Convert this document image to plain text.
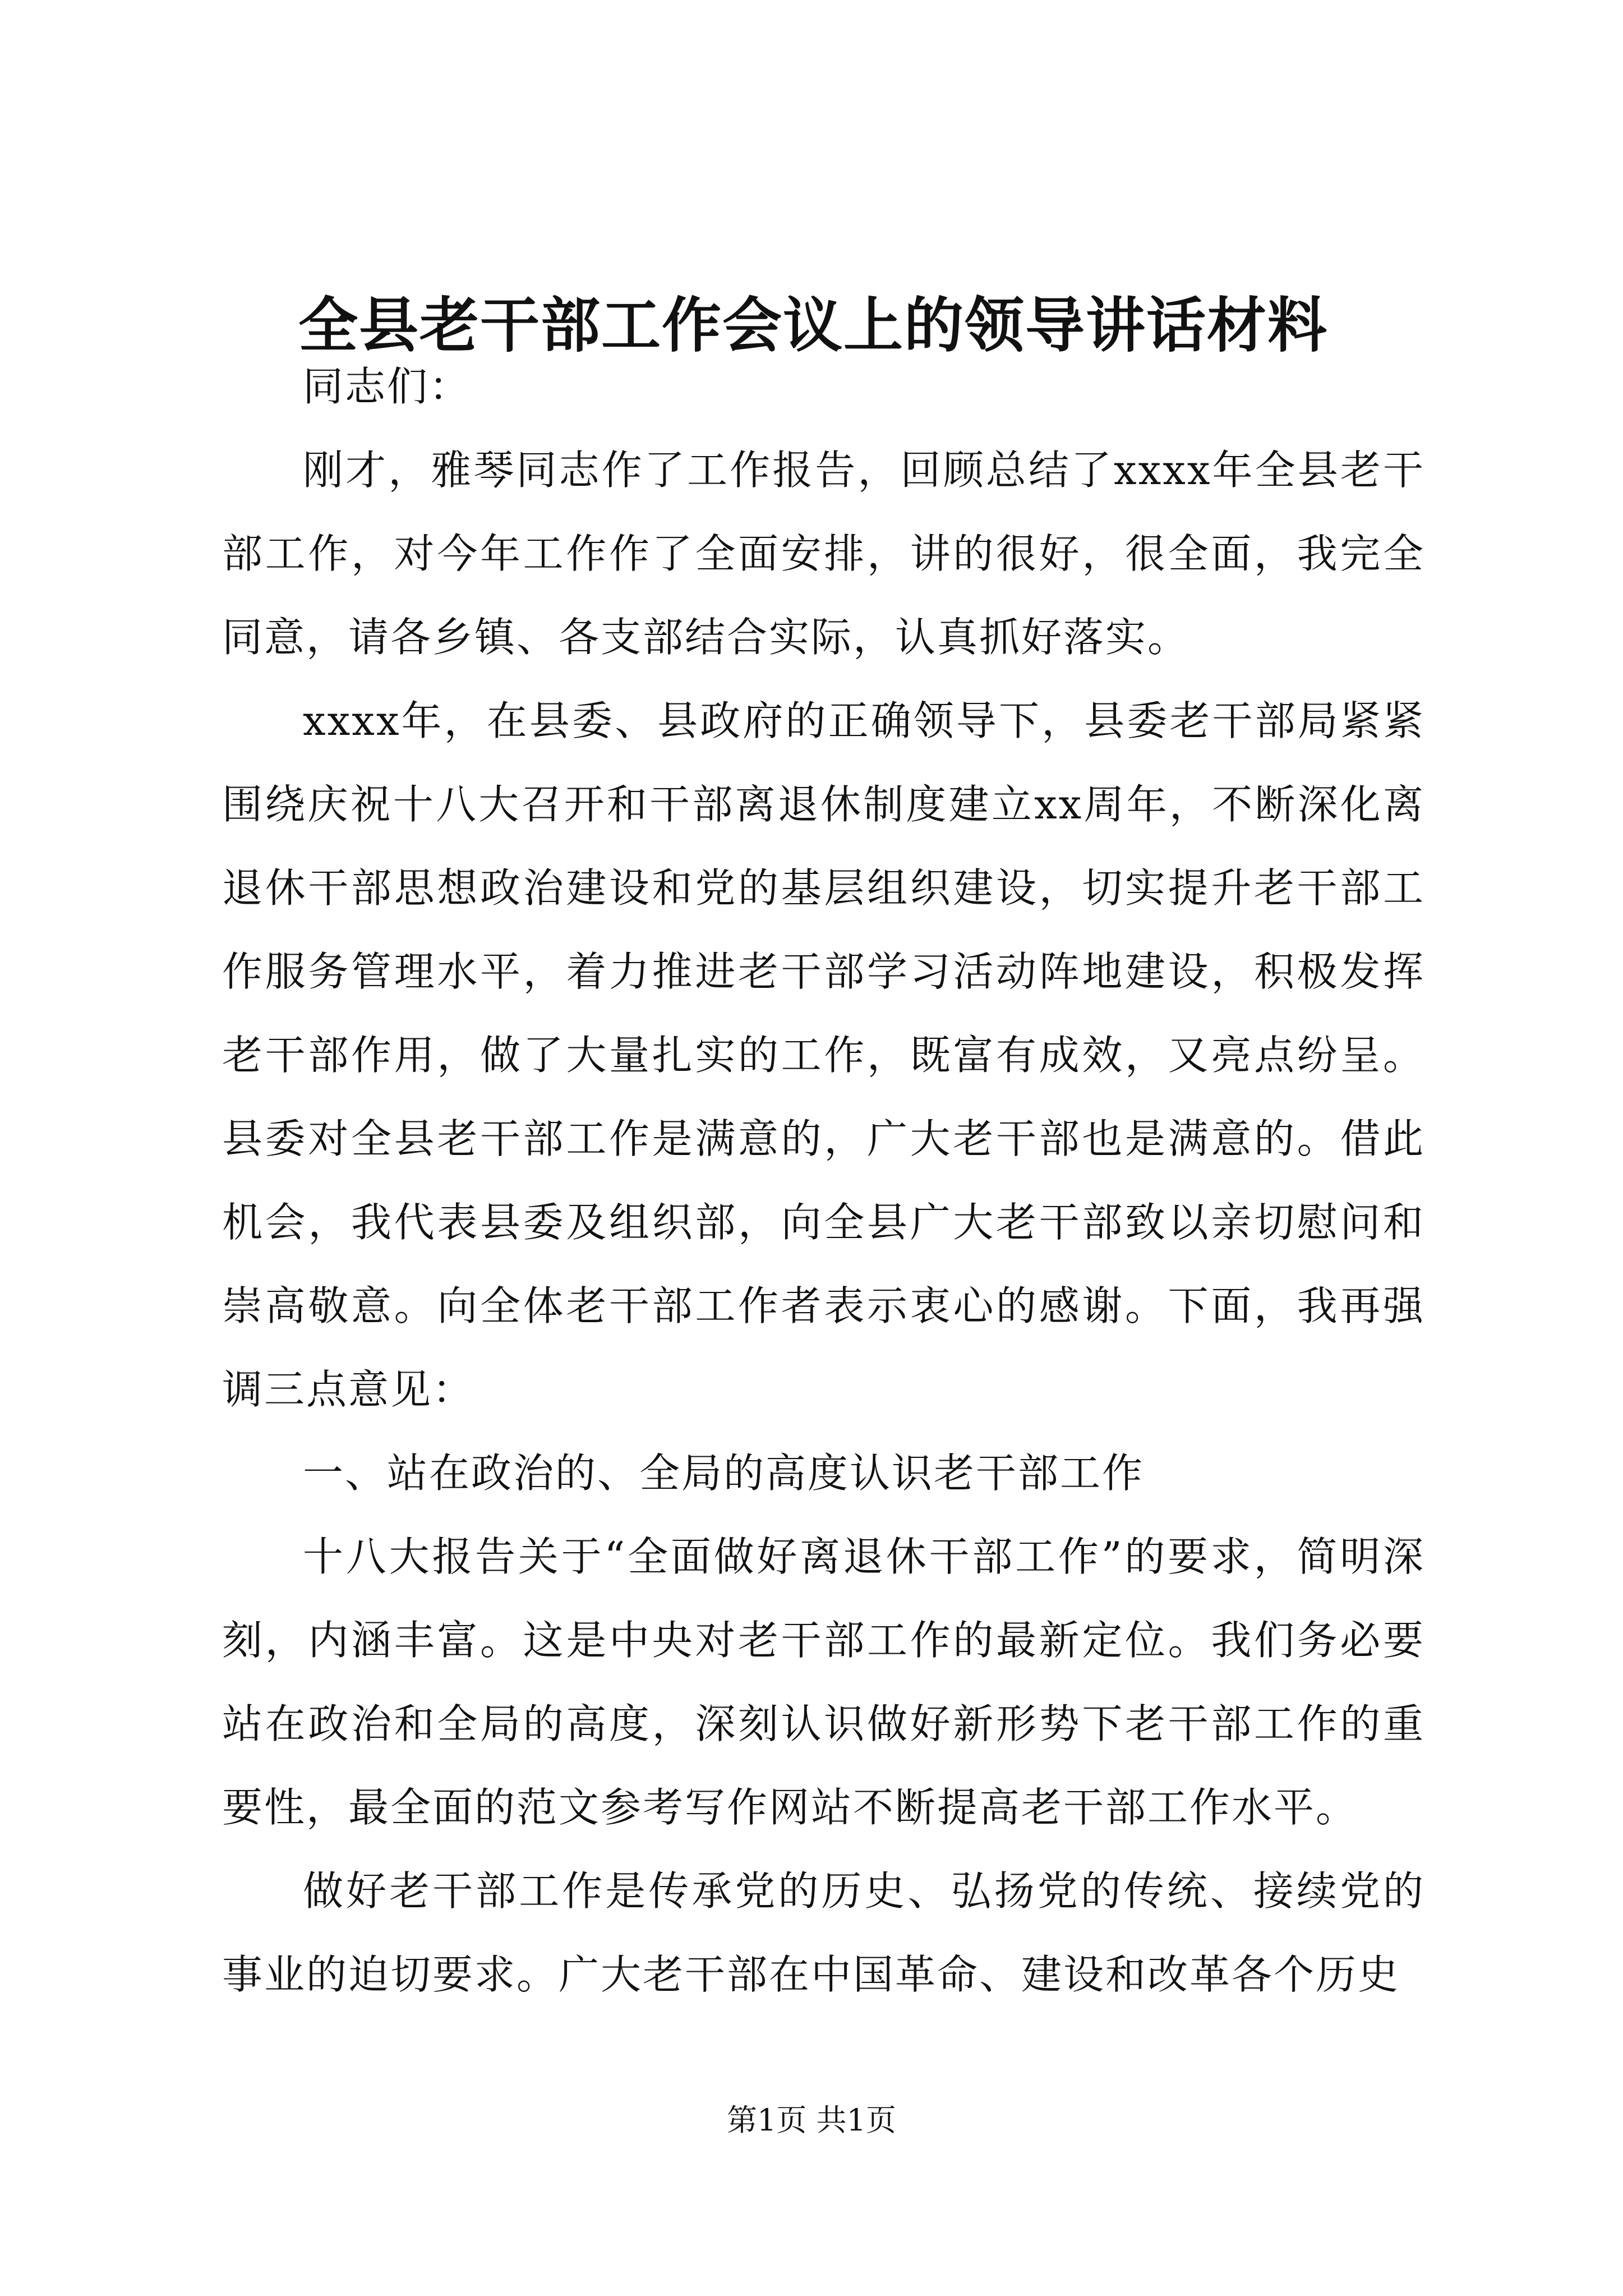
全县老干部工作会议上的领导讲话材料

同志们：

刚才，雅琴同志作了工作报告，回顾总结了xxxx年全县老干部工作，对今年工作作了全面安排，讲的很好，很全面，我完全同意，请各乡镇、各支部结合实际，认真抓好落实。

xxxx年，在县委、县政府的正确领导下，县委老干部局紧紧围绕庆祝十八大召开和干部离退休制度建立xx周年，不断深化离退休干部思想政治建设和党的基层组织建设，切实提升老干部工作服务管理水平，着力推进老干部学习活动阵地建设，积极发挥老干部作用，做了大量扎实的工作，既富有成效，又亮点纷呈。县委对全县老干部工作是满意的，广大老干部也是满意的。借此机会，我代表县委及组织部，向全县广大老干部致以亲切慰问和崇高敬意。向全体老干部工作者表示衷心的感谢。下面，我再强调三点意见：

一、站在政治的、全局的高度认识老干部工作

十八大报告关于“全面做好离退休干部工作”的要求，简明深刻，内涵丰富。这是中央对老干部工作的最新定位。我们务必要站在政治和全局的高度，深刻认识做好新形势下老干部工作的重要性，最全面的范文参考写作网站不断提高老干部工作水平。

做好老干部工作是传承党的历史、弘扬党的传统、接续党的事业的迫切要求。广大老干部在中国革命、建设和改革各个历史

第1页 共1页
